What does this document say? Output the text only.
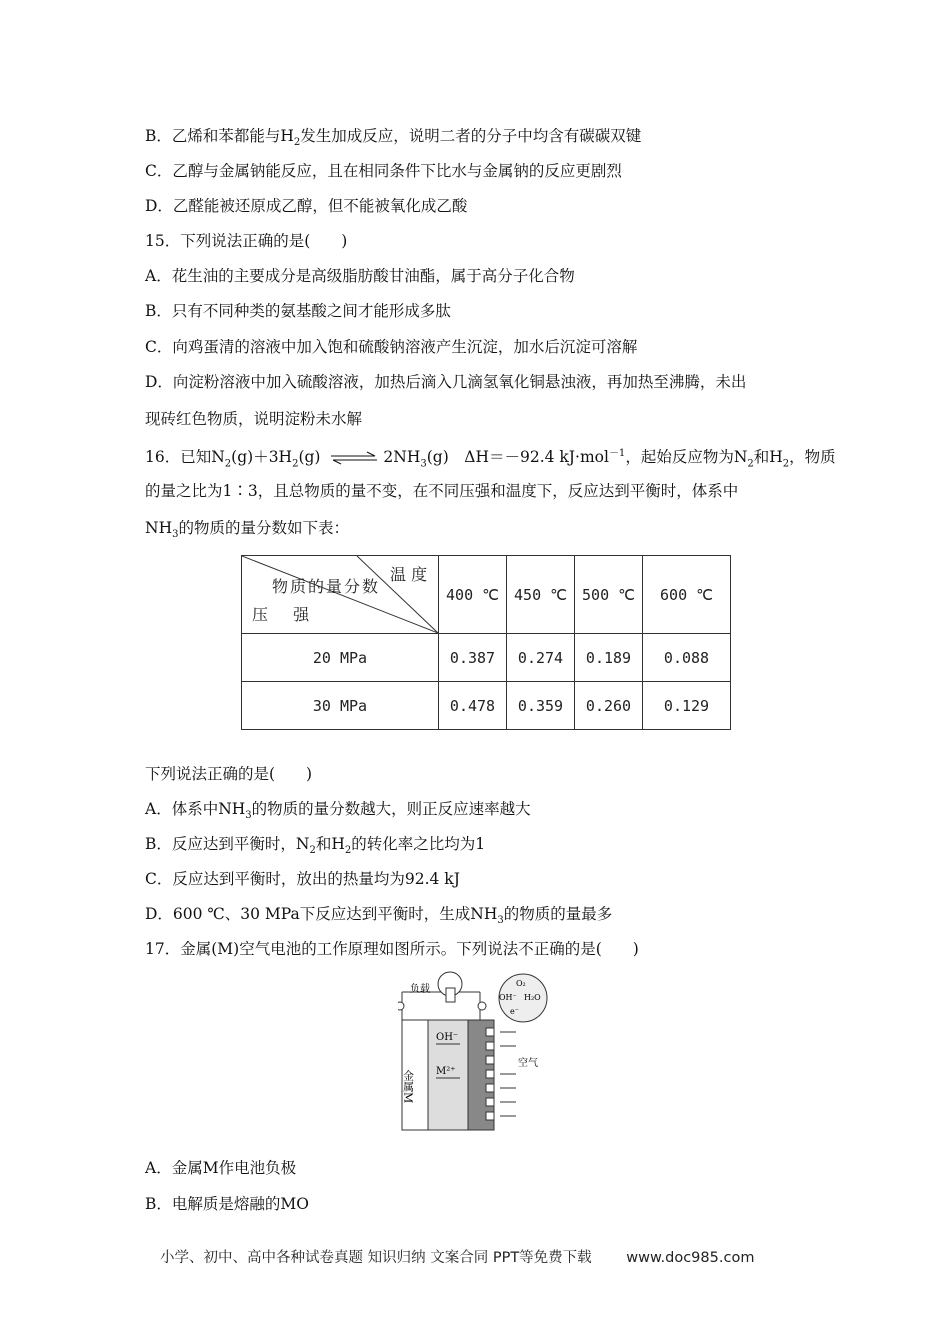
B．乙烯和苯都能与$H_2$发生加成反应，说明二者的分子中均含有碳碳双键
C．乙醇与金属钠能反应，且在相同条件下比水与金属钠的反应更剧烈
D．乙醛能被还原成乙醇，但不能被氧化成乙酸
15．下列说法正确的是(　　)
A．花生油的主要成分是高级脂肪酸甘油酯，属于高分子化合物
B．只有不同种类的氨基酸之间才能形成多肽
C．向鸡蛋清的溶液中加入饱和硫酸钠溶液产生沉淀，加水后沉淀可溶解
D．向淀粉溶液中加入硫酸溶液，加热后滴入几滴氢氧化铜悬浊液，再加热至沸腾，未出
现砖红色物质，说明淀粉未水解
16．已知$N_2(g)+3H_2(g)$ ⇌ $2NH_3(g)$　ΔH＝－92.4 kJ·mol$^{-1}$，起始反应物为$N_2$和$H_2$，物质
的量之比为1∶3，且总物质的量不变，在不同压强和温度下，反应达到平衡时，体系中
$NH_3$的物质的量分数如下表：
温 度
物质的量分数
压 强	400 ℃	450 ℃	500 ℃	600 ℃
20 MPa	0.387	0.274	0.189	0.088
30 MPa	0.478	0.359	0.260	0.129
下列说法正确的是(　　)
A．体系中$NH_3$的物质的量分数越大，则正反应速率越大
B．反应达到平衡时，$N_2$和$H_2$的转化率之比均为1
C．反应达到平衡时，放出的热量均为92.4 kJ
D．600 ℃、30 MPa下反应达到平衡时，生成$NH_3$的物质的量最多
17．金属(M)空气电池的工作原理如图所示。下列说法不正确的是(　　)
负载
金属M
OH⁻
M²⁺
空气
O₂
OH⁻ H₂O
e⁻
A．金属M作电池负极
B．电解质是熔融的MO
小学、初中、高中各种试卷真题 知识归纳 文案合同 PPT等免费下载 www.doc985.com
